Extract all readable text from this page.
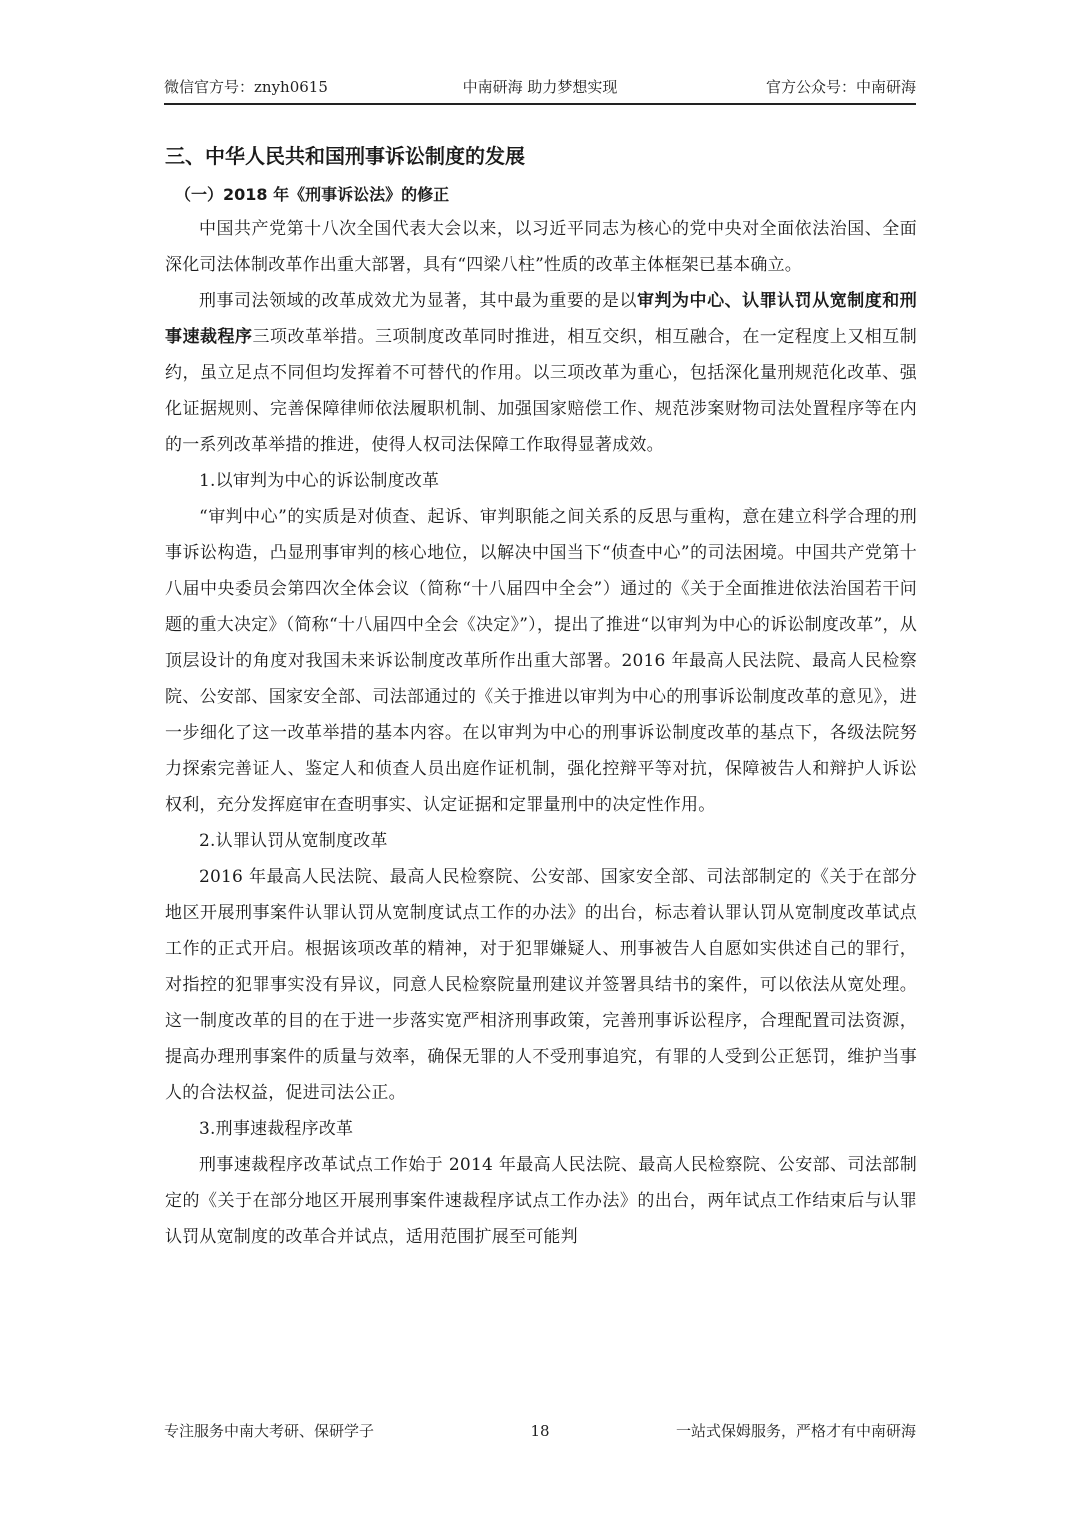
微信官方号：znyh0615	中南研海 助力梦想实现	官方公众号：中南研海
三、中华人民共和国刑事诉讼制度的发展
（一）2018 年《刑事诉讼法》的修正

中国共产党第十八次全国代表大会以来，以习近平同志为核心的党中央对全面依法治国、全面深化司法体制改革作出重大部署，具有“四梁八柱”性质的改革主体框架已基本确立。

刑事司法领域的改革成效尤为显著，其中最为重要的是以审判为中心、认罪认罚从宽制度和刑事速裁程序三项改革举措。三项制度改革同时推进，相互交织，相互融合，在一定程度上又相互制约，虽立足点不同但均发挥着不可替代的作用。以三项改革为重心，包括深化量刑规范化改革、强化证据规则、完善保障律师依法履职机制、加强国家赔偿工作、规范涉案财物司法处置程序等在内的一系列改革举措的推进，使得人权司法保障工作取得显著成效。

1.以审判为中心的诉讼制度改革

“审判中心”的实质是对侦查、起诉、审判职能之间关系的反思与重构，意在建立科学合理的刑事诉讼构造，凸显刑事审判的核心地位，以解决中国当下“侦查中心”的司法困境。中国共产党第十八届中央委员会第四次全体会议（简称“十八届四中全会”）通过的《关于全面推进依法治国若干问题的重大决定》（简称“十八届四中全会《决定》”），提出了推进“以审判为中心的诉讼制度改革”，从顶层设计的角度对我国未来诉讼制度改革所作出重大部署。2016 年最高人民法院、最高人民检察院、公安部、国家安全部、司法部通过的《关于推进以审判为中心的刑事诉讼制度改革的意见》，进一步细化了这一改革举措的基本内容。在以审判为中心的刑事诉讼制度改革的基点下，各级法院努力探索完善证人、鉴定人和侦查人员出庭作证机制，强化控辩平等对抗，保障被告人和辩护人诉讼权利，充分发挥庭审在查明事实、认定证据和定罪量刑中的决定性作用。

2.认罪认罚从宽制度改革

2016 年最高人民法院、最高人民检察院、公安部、国家安全部、司法部制定的《关于在部分地区开展刑事案件认罪认罚从宽制度试点工作的办法》的出台，标志着认罪认罚从宽制度改革试点工作的正式开启。根据该项改革的精神，对于犯罪嫌疑人、刑事被告人自愿如实供述自己的罪行，对指控的犯罪事实没有异议，同意人民检察院量刑建议并签署具结书的案件，可以依法从宽处理。这一制度改革的目的在于进一步落实宽严相济刑事政策，完善刑事诉讼程序，合理配置司法资源，提高办理刑事案件的质量与效率，确保无罪的人不受刑事追究，有罪的人受到公正惩罚，维护当事人的合法权益，促进司法公正。

3.刑事速裁程序改革

刑事速裁程序改革试点工作始于 2014 年最高人民法院、最高人民检察院、公安部、司法部制定的《关于在部分地区开展刑事案件速裁程序试点工作办法》的出台，两年试点工作结束后与认罪认罚从宽制度的改革合并试点，适用范围扩展至可能判

专注服务中南大考研、保研学子	18	一站式保姆服务，严格才有中南研海
